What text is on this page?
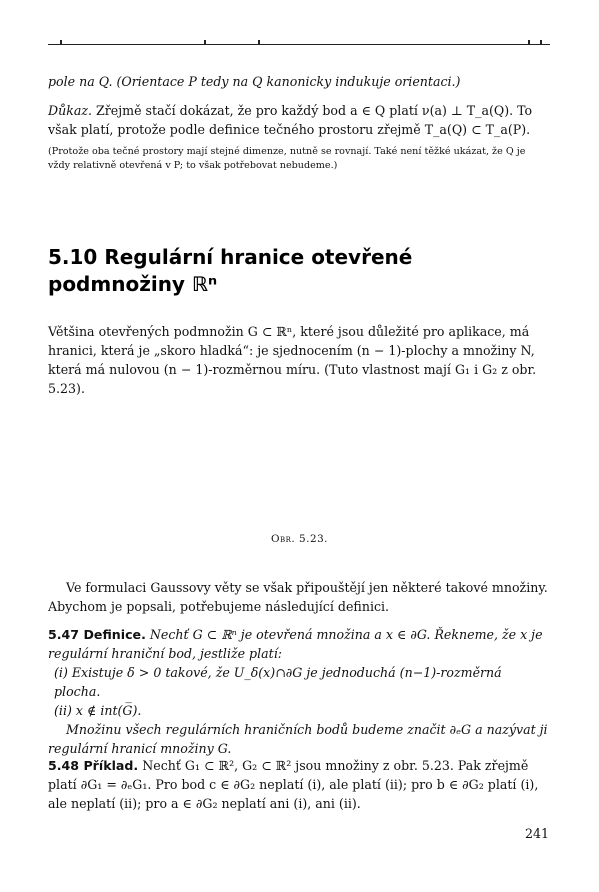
pole na Q. (Orientace P tedy na Q kanonicky indukuje orientaci.)
Důkaz. Zřejmě stačí dokázat, že pro každý bod a ∈ Q platí ν(a) ⊥ T_a(Q). To však platí, protože podle definice tečného prostoru zřejmě T_a(Q) ⊂ T_a(P).
(Protože oba tečné prostory mají stejné dimenze, nutně se rovnají. Také není těžké ukázat, že Q je vždy relativně otevřená v P; to však potřebovat nebudeme.)
5.10 Regulární hranice otevřené
podmnožiny ℝⁿ
Většina otevřených podmnožin G ⊂ ℝⁿ, které jsou důležité pro aplikace, má hranici, která je „skoro hladká“: je sjednocením (n − 1)-plochy a množiny N, která má nulovou (n − 1)-rozměrnou míru. (Tuto vlastnost mají G₁ i G₂ z obr. 5.23).
Obr. 5.23.
Ve formulaci Gaussovy věty se však připouštějí jen některé takové množiny. Abychom je popsali, potřebujeme následující definici.
5.47 Definice. Nechť G ⊂ ℝⁿ je otevřená množina a x ∈ ∂G. Řekneme, že x je regulární hraniční bod, jestliže platí:
(i) Existuje δ > 0 takové, že U_δ(x)∩∂G je jednoduchá (n−1)-rozměrná plocha.
(ii) x ∉ int(G̅).
Množinu všech regulárních hraničních bodů budeme značit ∂ₑG a nazývat ji regulární hranicí množiny G.
5.48 Příklad. Nechť G₁ ⊂ ℝ², G₂ ⊂ ℝ² jsou množiny z obr. 5.23. Pak zřejmě platí ∂G₁ = ∂ₑG₁. Pro bod c ∈ ∂G₂ neplatí (i), ale platí (ii); pro b ∈ ∂G₂ platí (i), ale neplatí (ii); pro a ∈ ∂G₂ neplatí ani (i), ani (ii).
241
